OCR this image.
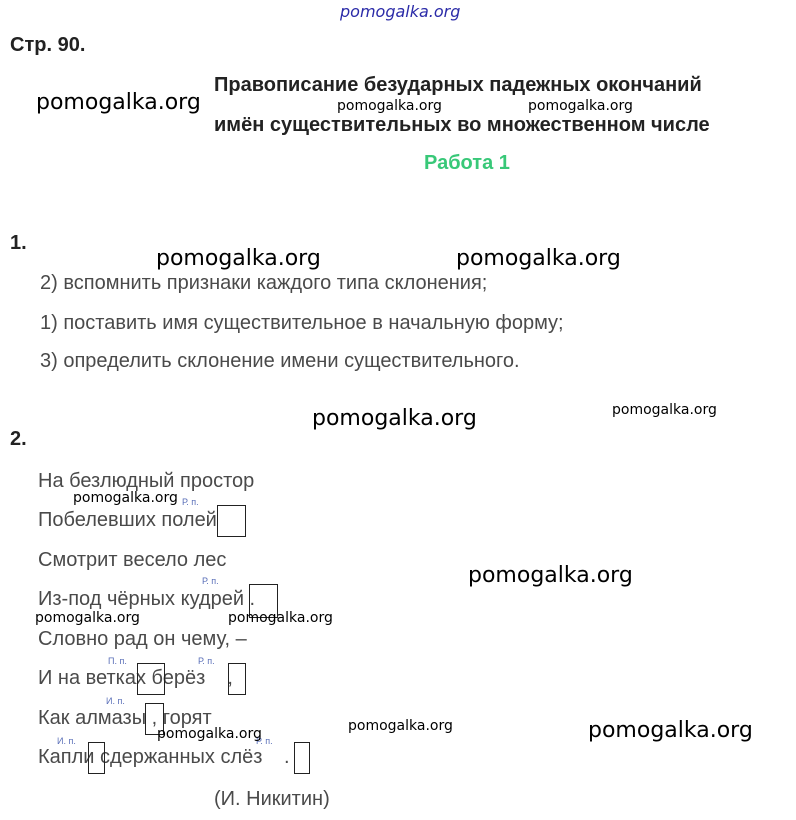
pomogalka.org
Стр. 90.
Правописание безударных падежных окончаний
имён существительных во множественном числе
Работа 1
1.
2) вспомнить признаки каждого типа склонения;
1) поставить имя существительное в начальную форму;
3) определить склонение имени существительного.
2.
На безлюдный простор
Побелевших полей
Р. п.
Смотрит весело лес
Из-под чёрных кудрей .
Р. п.
Словно рад он чему, –
И на ветках берёз ,
П. п.	Р. п.
Как алмазы , горят
И. п.
Капли сдержанных слёз .
И. п.	Р. п.
(И. Никитин)
pomogalka.org	pomogalka.org	pomogalka.org
pomogalka.org	pomogalka.org
pomogalka.org	pomogalka.org
pomogalka.org
pomogalka.org
pomogalka.org	pomogalka.org
pomogalka.org
pomogalka.org	pomogalka.org
